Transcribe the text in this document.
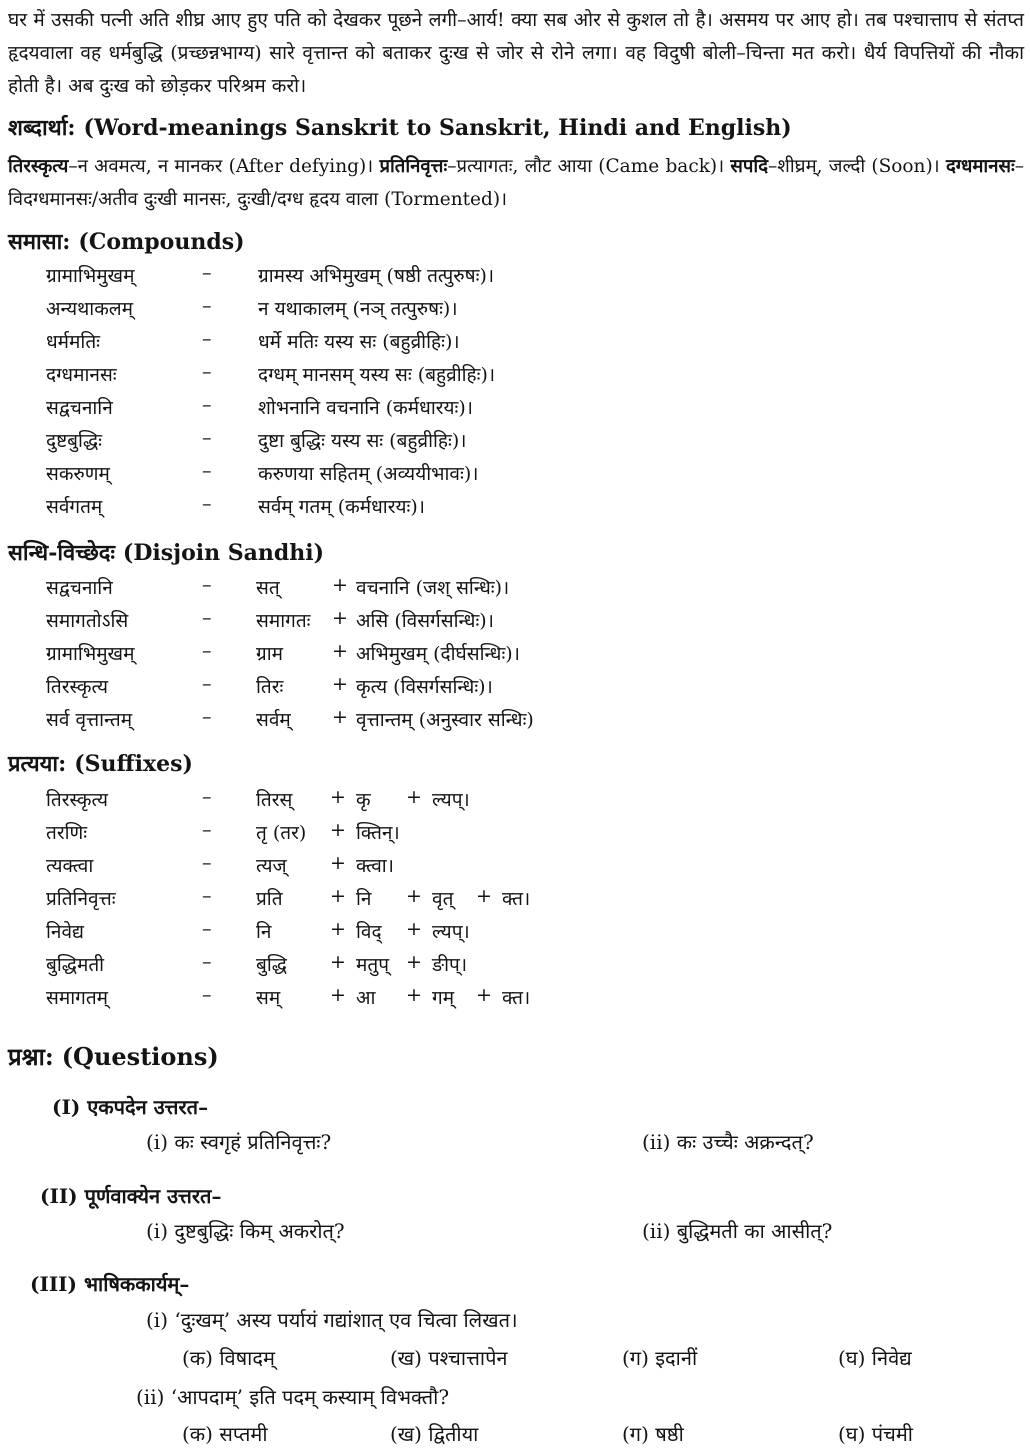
घर में उसकी पत्नी अति शीघ्र आए हुए पति को देखकर पूछने लगी–आर्य! क्या सब ओर से कुशल तो है। असमय पर आए हो। तब पश्चात्ताप से संतप्त हृदयवाला वह धर्मबुद्धि (प्रच्छन्नभाग्य) सारे वृत्तान्त को बताकर दुःख से जोर से रोने लगा। वह विदुषी बोली–चिन्ता मत करो। धैर्य विपत्तियों की नौका होती है। अब दुःख को छोड़कर परिश्रम करो।

शब्दार्था: (Word-meanings Sanskrit to Sanskrit, Hindi and English)

तिरस्कृत्य–न अवमत्य, न मानकर (After defying)। प्रतिनिवृत्तः–प्रत्यागतः, लौट आया (Came back)। सपदि–शीघ्रम्, जल्दी (Soon)। दग्धमानसः–विदग्धमानसः/अतीव दुःखी मानसः, दुःखी/दग्ध हृदय वाला (Tormented)।

समासा: (Compounds)
ग्रामाभिमुखम्	– ग्रामस्य अभिमुखम् (षष्ठी तत्पुरुषः)।
अन्यथाकलम्	– न यथाकालम् (नञ् तत्पुरुषः)।
धर्ममतिः	– धर्मे मतिः यस्य सः (बहुव्रीहिः)।
दग्धमानसः	– दग्धम् मानसम् यस्य सः (बहुव्रीहिः)।
सद्वचनानि	– शोभनानि वचनानि (कर्मधारयः)।
दुष्टबुद्धिः	– दुष्टा बुद्धिः यस्य सः (बहुव्रीहिः)।
सकरुणम्	– करुणया सहितम् (अव्ययीभावः)।
सर्वगतम्	– सर्वम् गतम् (कर्मधारयः)।
सन्धि-विच्छेदः (Disjoin Sandhi)
सद्वचनानि	– सत्	+ वचनानि (जश् सन्धिः)।
समागतोऽसि	– समागतः + असि (विसर्गसन्धिः)।
ग्रामाभिमुखम्	– ग्राम	+ अभिमुखम् (दीर्घसन्धिः)।
तिरस्कृत्य	– तिरः	+ कृत्य (विसर्गसन्धिः)।
सर्व वृत्तान्तम्	– सर्वम् + वृत्तान्तम् (अनुस्वार सन्धिः)
प्रत्यया: (Suffixes)
तिरस्कृत्य	– तिरस् + कृ + ल्यप्।
तरणिः	– तृ (तर) + क्तिन्।
त्यक्त्वा	– त्यज् + क्त्वा।
प्रतिनिवृत्तः	– प्रति + नि + वृत् + क्त।
निवेद्य	– नि	+ विद् + ल्यप्।
बुद्धिमती	– बुद्धि + मतुप् + ङीप्।
समागतम्	– सम्	+ आ + गम् + क्त।
प्रश्ना: (Questions)
(I) एकपदेन उत्तरत–
(i) कः स्वगृहं प्रतिनिवृत्तः?	(ii) कः उच्चैः अक्रन्दत्?
(II) पूर्णवाक्येन उत्तरत–
(i) दुष्टबुद्धिः किम् अकरोत्?	(ii) बुद्धिमती का आसीत्?
(III) भाषिककार्यम्–
(i) ‘दुःखम्’ अस्य पर्यायं गद्यांशात् एव चित्वा लिखत।
(क) विषादम्	(ख) पश्चात्तापेन	(ग) इदानीं	(घ) निवेद्य
(ii) ‘आपदाम्’ इति पदम् कस्याम् विभक्तौ?
(क) सप्तमी	(ख) द्वितीया	(ग) षष्ठी	(घ) पंचमी
